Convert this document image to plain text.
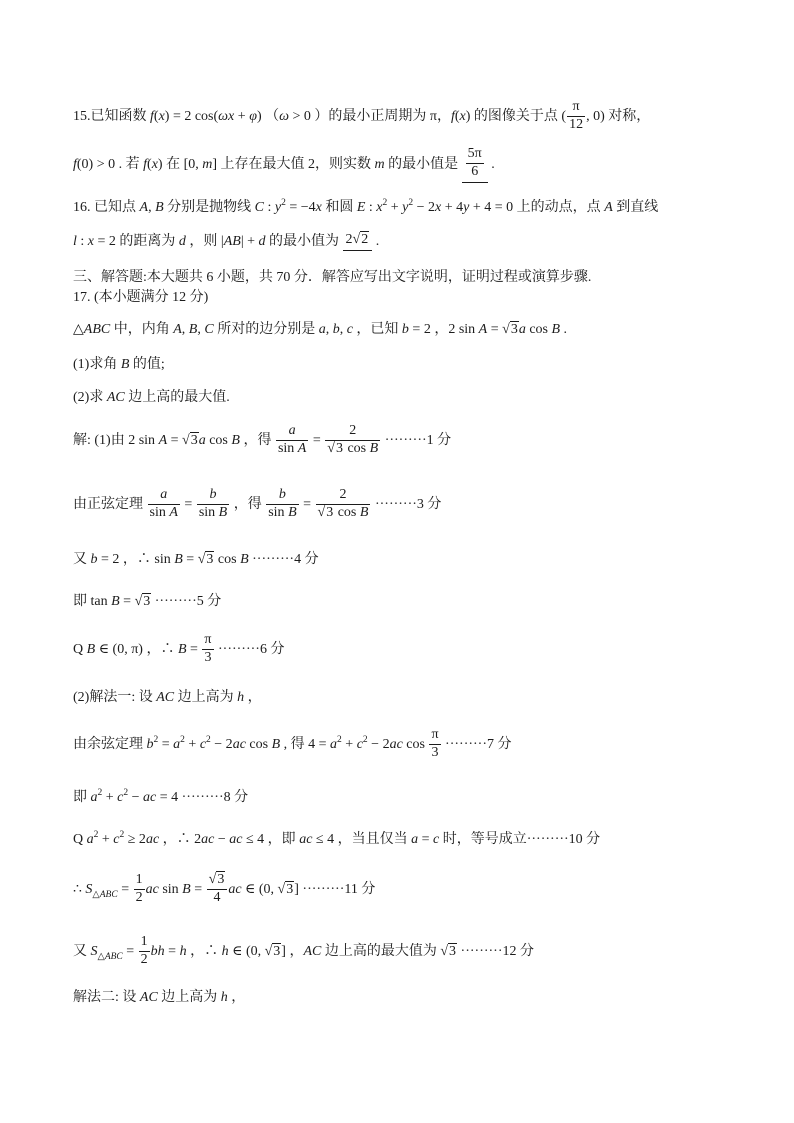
15.已知函数 f(x) = 2 cos(ωx + φ) （ω > 0 ）的最小正周期为 π，f(x) 的图像关于点 ( $\frac{\pi}{12}$ , 0) 对称，
f(0) > 0 . 若 f(x) 在 [0, m] 上存在最大值 2，则实数 m 的最小值是 $\frac{5\pi}{6}$ .
16. 已知点 A, B 分别是抛物线 C : $y^2 = -4x$ 和圆 E : $x^2 + y^2 - 2x + 4y + 4 = 0$ 上的动点，点 A 到直线
l : x = 2 的距离为 d ，则 |AB| + d 的最小值为 2√2 .
三、解答题:本大题共 6 小题，共 70 分．解答应写出文字说明，证明过程或演算步骤.
17. (本小题满分 12 分)
△ABC 中，内角 A, B, C 所对的边分别是 a, b, c ，已知 b = 2 ，2 sin A = √3a cos B .
(1)求角 B 的值;
(2)求 AC 边上高的最大值.
解: (1)由 2 sin A = √3a cos B ，得 $\frac{a}{\text{sin A}} = \frac{2}{\text{√3 cos B}} \cdot\cdot\cdot\cdot\cdot\cdot\cdot\cdot\cdot 1$ 分
由正弦定理 $\frac{a}{\text{sin A}} = \frac{b}{\text{sin B}}$ ，得 $\frac{b}{\text{sin B}} = \frac{2}{\text{√3 cos B}} \cdot\cdot\cdot\cdot\cdot\cdot\cdot\cdot\cdot 3$ 分
又 b = 2 ，∴ sin B = √3 cos B ·········4 分
即 tan B = √3 ·········5 分
Q B ∈ (0, π) ，∴ $B = \frac{\pi}{3} \cdot\cdot\cdot\cdot\cdot\cdot\cdot\cdot\cdot 6$ 分
(2)解法一: 设 AC 边上高为 h ，
由余弦定理 $b^2 = a^2 + c^2 - 2ac$ cos B , 得 $4 = a^2 + c^2 - 2ac$ $\cos \frac{\pi}{3} \cdot\cdot\cdot\cdot\cdot\cdot\cdot\cdot\cdot 7$ 分
即 $a^2 + c^2$ − ac = 4 ·········8 分
Q $a^2 + c^2 \ge 2ac$ ，∴ 2ac − ac ≤ 4 ，即 ac ≤ 4 ，当且仅当 a = c 时，等号成立·········10 分
∴ $S_{\triangle ABC} = \frac{1}{2}$ ac $\sin B = \frac{√3}{4}$ ac ∈ (0, √3] ·········11 分
又 $S_{\triangle ABC} = \frac{1}{2}$ bh = h ，∴ h ∈ (0, √3] ，AC 边上高的最大值为 √3 ·········12 分
解法二: 设 AC 边上高为 h ，
